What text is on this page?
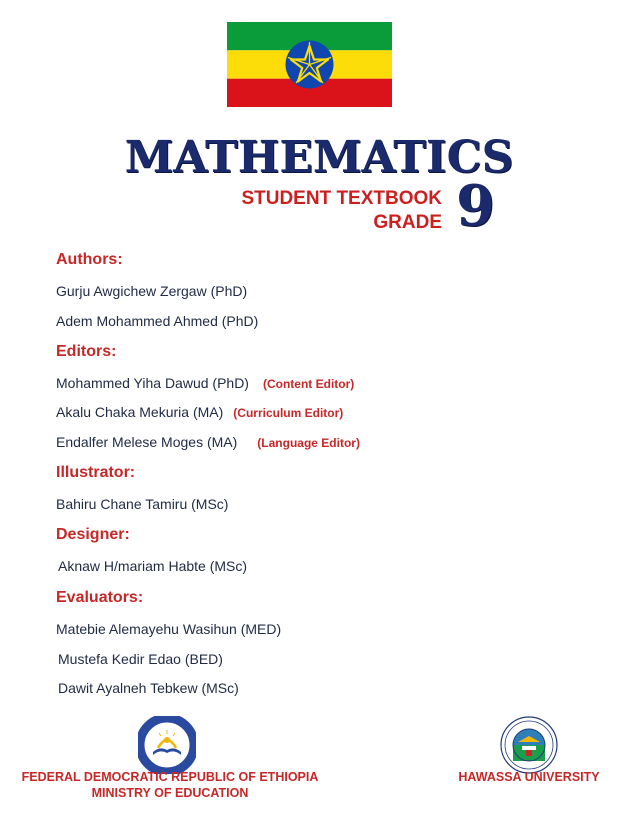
MATHEMATICS
STUDENT TEXTBOOK
GRADE 9
Authors:
Gurju Awgichew Zergaw (PhD)
Adem Mohammed Ahmed (PhD)
Editors:
Mohammed Yiha Dawud (PhD) (Content Editor)
Akalu Chaka Mekuria (MA) (Curriculum Editor)
Endalfer Melese Moges (MA) (Language Editor)
Illustrator:
Bahiru Chane Tamiru (MSc)
Designer:
Aknaw H/mariam Habte (MSc)
Evaluators:
Matebie Alemayehu Wasihun (MED)
Mustefa Kedir Edao (BED)
Dawit Ayalneh Tebkew (MSc)
FEDERAL DEMOCRATIC REPUBLIC OF ETHIOPIA
MINISTRY OF EDUCATION
HAWASSA UNIVERSITY
